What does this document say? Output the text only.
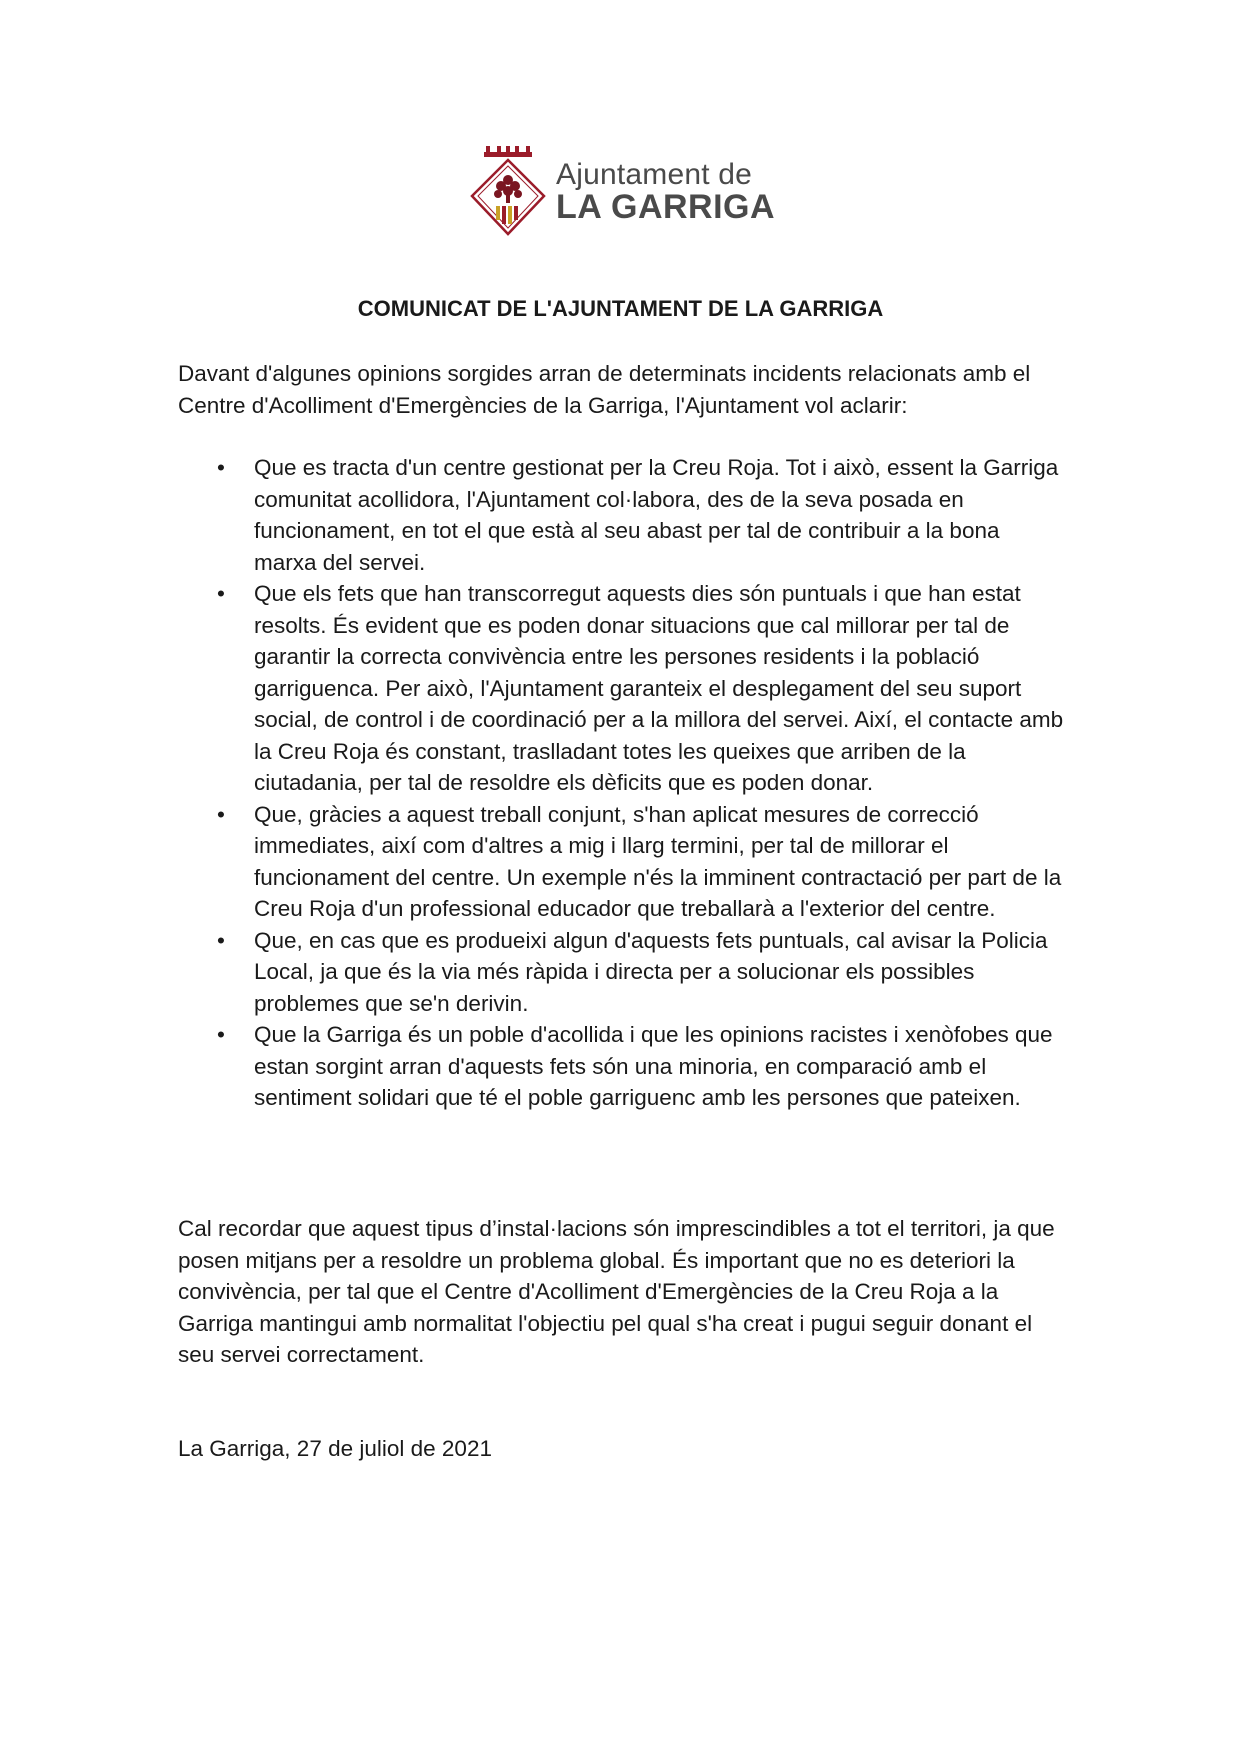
Ajuntament de
LA GARRIGA
COMUNICAT DE L'AJUNTAMENT DE LA GARRIGA

Davant d'algunes opinions sorgides arran de determinats incidents relacionats amb el Centre d'Acolliment d'Emergències de la Garriga, l'Ajuntament vol aclarir:

• Que es tracta d'un centre gestionat per la Creu Roja. Tot i això, essent la Garriga comunitat acollidora, l'Ajuntament col·labora, des de la seva posada en funcionament, en tot el que està al seu abast per tal de contribuir a la bona marxa del servei.
• Que els fets que han transcorregut aquests dies són puntuals i que han estat resolts. És evident que es poden donar situacions que cal millorar per tal de garantir la correcta convivència entre les persones residents i la població garriguenca. Per això, l'Ajuntament garanteix el desplegament del seu suport social, de control i de coordinació per a la millora del servei. Així, el contacte amb la Creu Roja és constant, traslladant totes les queixes que arriben de la ciutadania, per tal de resoldre els dèficits que es poden donar.
• Que, gràcies a aquest treball conjunt, s'han aplicat mesures de correcció immediates, així com d'altres a mig i llarg termini, per tal de millorar el funcionament del centre. Un exemple n'és la imminent contractació per part de la Creu Roja d'un professional educador que treballarà a l'exterior del centre.
• Que, en cas que es produeixi algun d'aquests fets puntuals, cal avisar la Policia Local, ja que és la via més ràpida i directa per a solucionar els possibles problemes que se'n derivin.
• Que la Garriga és un poble d'acollida i que les opinions racistes i xenòfobes que estan sorgint arran d'aquests fets són una minoria, en comparació amb el sentiment solidari que té el poble garriguenc amb les persones que pateixen.

Cal recordar que aquest tipus d’instal·lacions són imprescindibles a tot el territori, ja que posen mitjans per a resoldre un problema global. És important que no es deteriori la convivència, per tal que el Centre d'Acolliment d'Emergències de la Creu Roja a la Garriga mantingui amb normalitat l'objectiu pel qual s'ha creat i pugui seguir donant el seu servei correctament.

La Garriga, 27 de juliol de 2021
